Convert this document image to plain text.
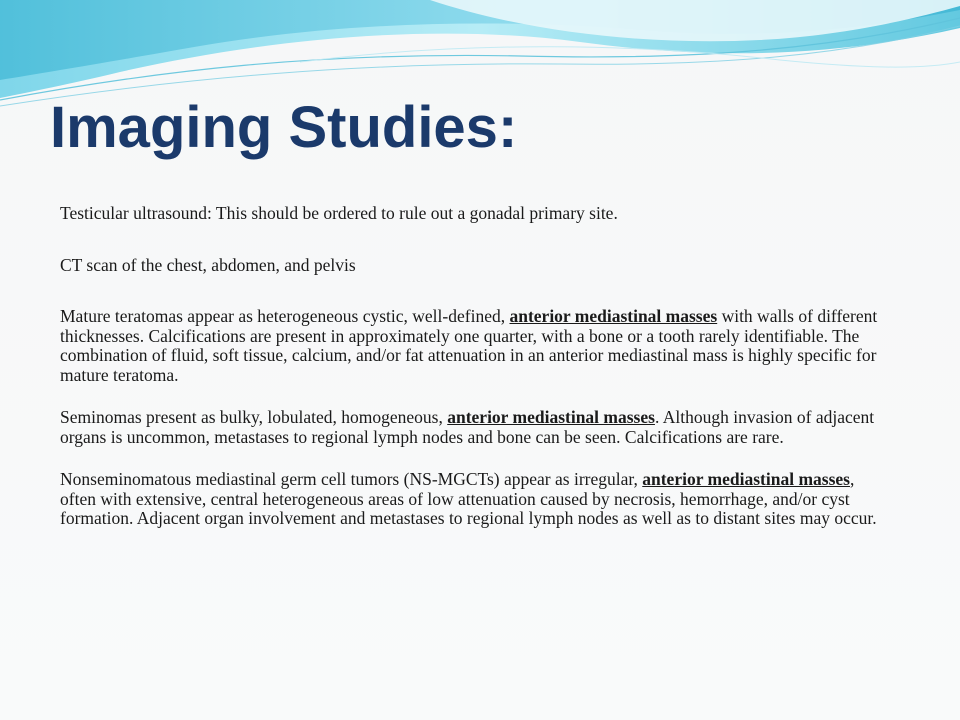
Imaging Studies:

Testicular ultrasound: This should be ordered to rule out a gonadal primary site.

CT scan of the chest, abdomen, and pelvis

Mature teratomas appear as heterogeneous cystic, well-defined, anterior mediastinal masses with walls of different thicknesses. Calcifications are present in approximately one quarter, with a bone or a tooth rarely identifiable. The combination of fluid, soft tissue, calcium, and/or fat attenuation in an anterior mediastinal mass is highly specific for mature teratoma.

Seminomas present as bulky, lobulated, homogeneous, anterior mediastinal masses. Although invasion of adjacent organs is uncommon, metastases to regional lymph nodes and bone can be seen. Calcifications are rare.

Nonseminomatous mediastinal germ cell tumors (NS-MGCTs) appear as irregular, anterior mediastinal masses, often with extensive, central heterogeneous areas of low attenuation caused by necrosis, hemorrhage, and/or cyst formation. Adjacent organ involvement and metastases to regional lymph nodes as well as to distant sites may occur.
